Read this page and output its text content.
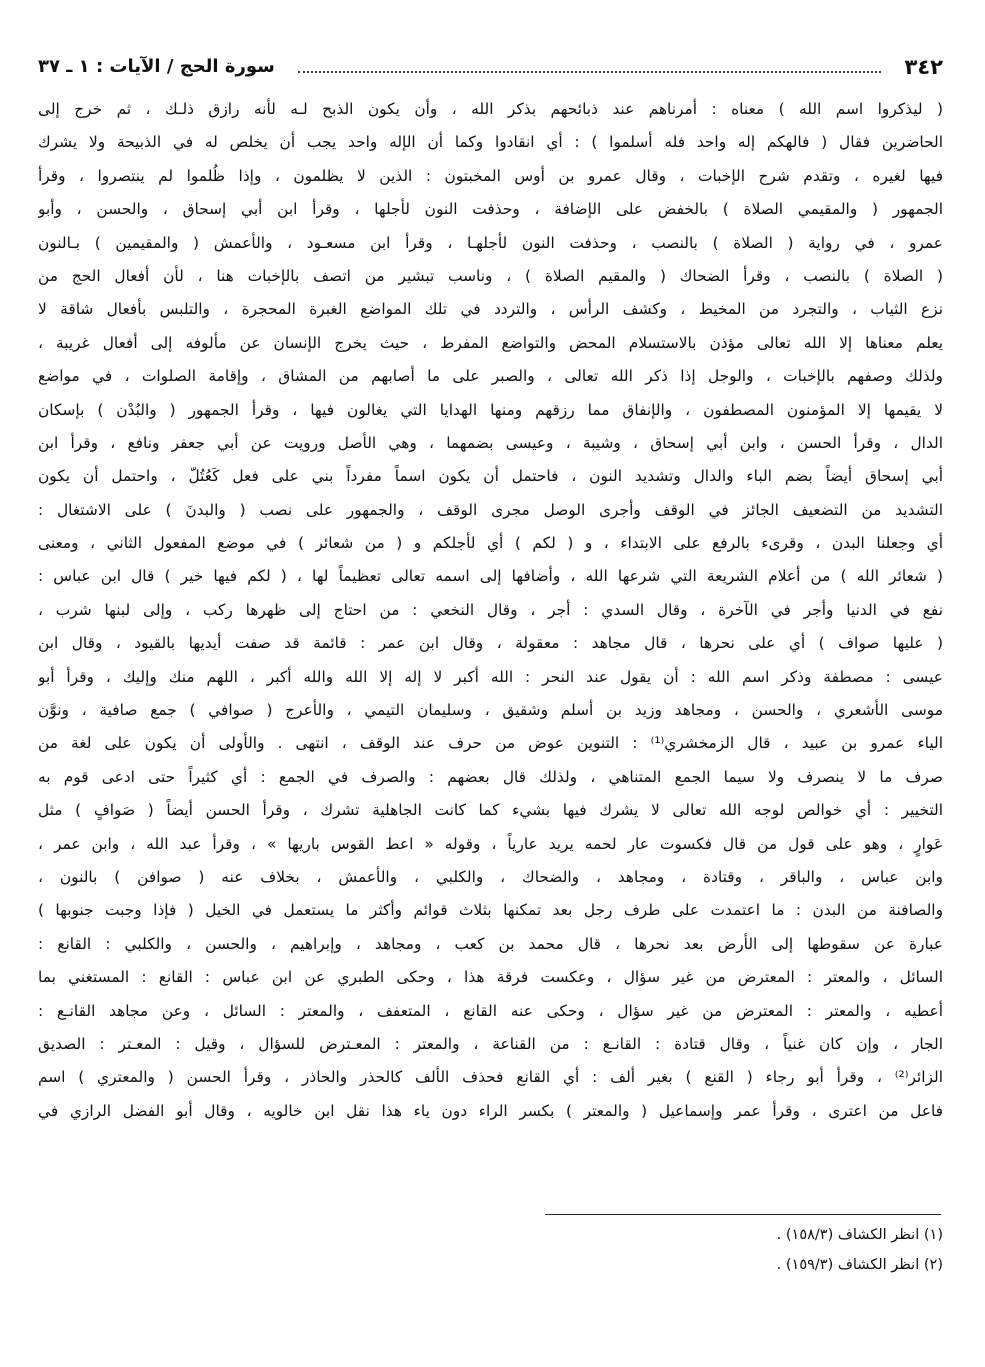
٣٤٢
سورة الحج / الآيات : ١ ـ ٣٧
( ليذكروا اسم الله ) معناه : أمرناهم عند ذبائحهم بذكر الله ، وأن يكون الذبح لـه لأنه رازق ذلـك ، ثم خرج إلى
الحاضرين فقال ( فالهكم إله واحد فله أسلموا ) : أي انقادوا وكما أن الإله واحد يجب أن يخلص له في الذبيحة ولا يشرك
فيها لغيره ، وتقدم شرح الإخبات ، وقال عمرو بن أوس المخبتون : الذين لا يظلمون ، وإذا ظُلموا لم ينتصروا ، وقرأ
الجمهور ( والمقيمي الصلاة ) بالخفض على الإضافة ، وحذفت النون لأجلها ، وقرأ ابن أبي إسحاق ، والحسن ، وأبو
عمرو ، في رواية ( الصلاة ) بالنصب ، وحذفت النون لأجلهـا ، وقرأ ابن مسعـود ، والأعمش ( والمقيمين ) بـالنون
( الصلاة ) بالنصب ، وقرأ الضحاك ( والمقيم الصلاة ) ، وناسب تبشير من اتصف بالإخبات هنا ، لأن أفعال الحج من
نزع الثياب ، والتجرد من المخيط ، وكشف الرأس ، والتردد في تلك المواضع الغبرة المحجرة ، والتلبس بأفعال شاقة لا
يعلم معناها إلا الله تعالى مؤذن بالاستسلام المحض والتواضع المفرط ، حيث يخرج الإنسان عن مألوفه إلى أفعال غريبة ،
ولذلك وصفهم بالإخبات ، والوجل إذا ذكر الله تعالى ، والصبر على ما أصابهم من المشاق ، وإقامة الصلوات ، في مواضع
لا يقيمها إلا المؤمنون المصطفون ، والإنفاق مما رزقهم ومنها الهدايا التي يغالون فيها ، وقرأ الجمهور ( والبُدْن ) بإسكان
الدال ، وقرأ الحسن ، وابن أبي إسحاق ، وشيبة ، وعيسى بضمهما ، وهي الأصل ورويت عن أبي جعفر ونافع ، وقرأ ابن
أبي إسحاق أيضاً بضم الباء والدال وتشديد النون ، فاحتمل أن يكون اسماً مفرداً بني على فعل كَعُتُلّ ، واحتمل أن يكون
التشديد من التضعيف الجائز في الوقف وأجرى الوصل مجرى الوقف ، والجمهور على نصب ( والبدنَ ) على الاشتغال :
أي وجعلنا البدن ، وقرىء بالرفع على الابتداء ، و ( لكم ) أي لأجلكم و ( من شعائر ) في موضع المفعول الثاني ، ومعنى
( شعائر الله ) من أعلام الشريعة التي شرعها الله ، وأضافها إلى اسمه تعالى تعظيماً لها ، ( لكم فيها خير ) قال ابن عباس :
نفع في الدنيا وأجر في الآخرة ، وقال السدي : أجر ، وقال النخعي : من احتاج إلى ظهرها ركب ، وإلى لبنها شرب ،
( عليها صواف ) أي على نحرها ، قال مجاهد : معقولة ، وقال ابن عمر : قائمة قد صفت أيديها بالقيود ، وقال ابن
عيسى : مصطفة وذكر اسم الله : أن يقول عند النحر : الله أكبر لا إله إلا الله والله أكبر ، اللهم منك وإليك ، وقرأ أبو
موسى الأشعري ، والحسن ، ومجاهد وزيد بن أسلم وشقيق ، وسليمان التيمي ، والأعرج ( صوافي ) جمع صافية ، ونوَّن
الياء عمرو بن عبيد ، قال الزمخشري⁽¹⁾ : التنوين عوض من حرف عند الوقف ، انتهى . والأولى أن يكون على لغة من
صرف ما لا ينصرف ولا سيما الجمع المتناهي ، ولذلك قال بعضهم : والصرف في الجمع : أي كثيراً حتى ادعى قوم به
التخيير : أي خوالص لوجه الله تعالى لا يشرك فيها بشيء كما كانت الجاهلية تشرك ، وقرأ الحسن أيضاً ( صَوافٍ ) مثل
عَوارٍ ، وهو على قول من قال فكسوت عار لحمه يريد عارياً ، وقوله « اعط القوس باريها » ، وقرأ عبد الله ، وابن عمر ،
وابن عباس ، والباقر ، وقتادة ، ومجاهد ، والضحاك ، والكلبي ، والأعمش ، بخلاف عنه ( صوافن ) بالنون ،
والصافنة من البدن : ما اعتمدت على طرف رجل بعد تمكنها بثلاث قوائم وأكثر ما يستعمل في الخيل ( فإذا وجبت جنوبها )
عبارة عن سقوطها إلى الأرض بعد نحرها ، قال محمد بن كعب ، ومجاهد ، وإبراهيم ، والحسن ، والكلبي : القانع :
السائل ، والمعتر : المعترض من غير سؤال ، وعكست فرقة هذا ، وحكى الطبري عن ابن عباس : القانع : المستغني بما
أعطيه ، والمعتر : المعترض من غير سؤال ، وحكى عنه القانع ، المتعفف ، والمعتر : السائل ، وعن مجاهد القانـع :
الجار ، وإن كان غنياً ، وقال قتادة : القانـع : من القناعة ، والمعتر : المعـترض للسؤال ، وقيل : المعـتر : الصديق
الزائر⁽²⁾ ، وقرأ أبو رجاء ( القنع ) بغير ألف : أي القانع فحذف الألف كالحذر والحاذر ، وقرأ الحسن ( والمعتري ) اسم
فاعل من اعترى ، وقرأ عمر وإسماعيل ( والمعتر ) بكسر الراء دون ياء هذا نقل ابن خالويه ، وقال أبو الفضل الرازي في
(١) انظر الكشاف (١٥٨/٣) .
(٢) انظر الكشاف (١٥٩/٣) .
